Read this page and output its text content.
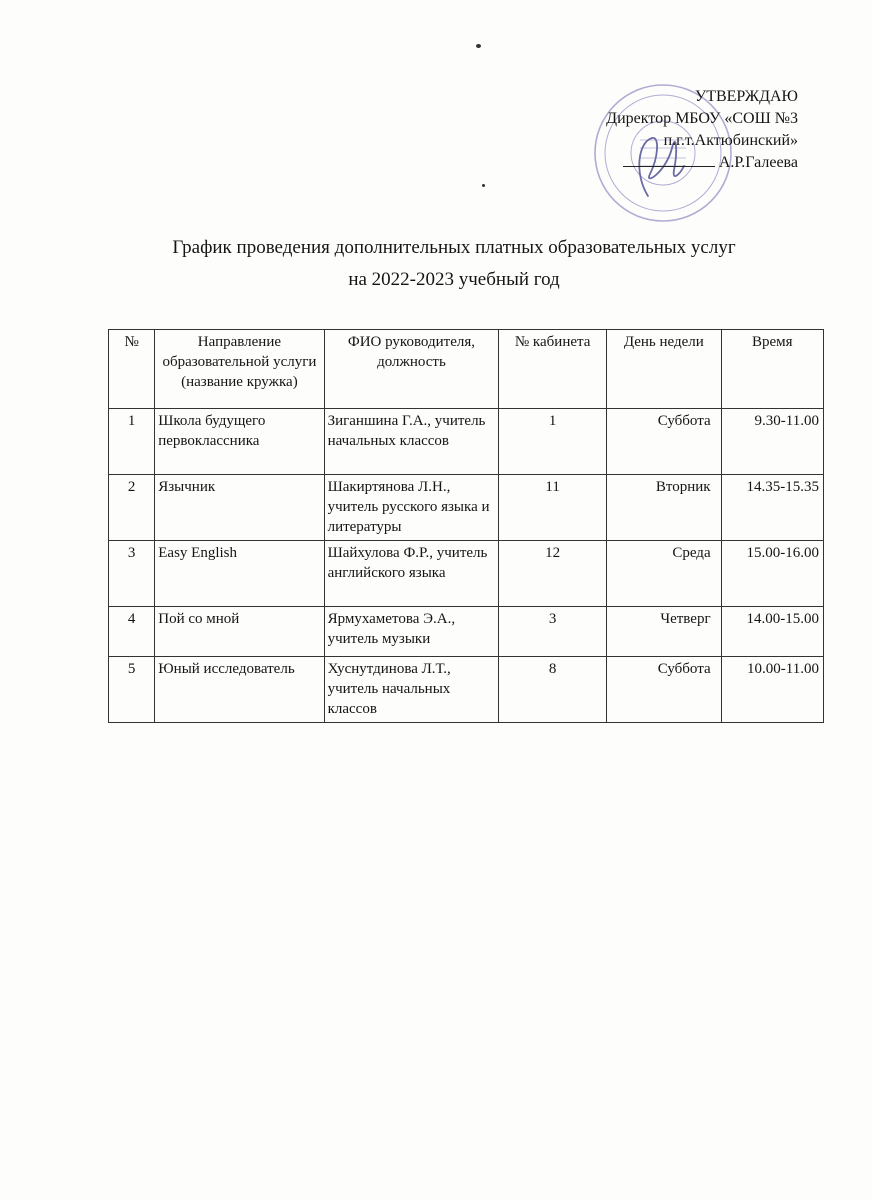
УТВЕРЖДАЮ
Директор МБОУ «СОШ №3
п.г.т.Актюбинский»
А.Р.Галеева
График проведения дополнительных платных образовательных услуг
на 2022-2023 учебный год
№	Направление образовательной услуги (название кружка)	ФИО руководителя, должность	№ кабинета	День недели	Время
1	Школа будущего первоклассника	Зиганшина Г.А., учитель начальных классов	1	Суббота	9.30-11.00
2	Язычник	Шакиртянова Л.Н., учитель русского языка и литературы	11	Вторник	14.35-15.35
3	Easy English	Шайхулова Ф.Р., учитель английского языка	12	Среда	15.00-16.00
4	Пой со мной	Ярмухаметова Э.А., учитель музыки	3	Четверг	14.00-15.00
5	Юный исследователь	Хуснутдинова Л.Т., учитель начальных классов	8	Суббота	10.00-11.00
